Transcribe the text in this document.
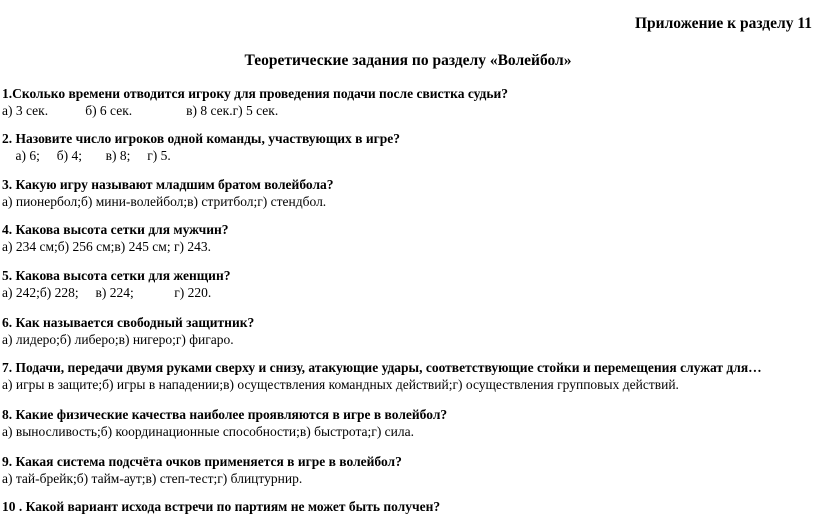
Приложение к разделу 11

Теоретические задания по разделу «Волейбол»

1.Сколько времени отводится игроку для проведения подачи после свистка судьи?
а) 3 сек.           б) 6 сек.                в) 8 сек.г) 5 сек.
2. Назовите число игроков одной команды, участвующих в игре?
а) 6;     б) 4;       в) 8;     г) 5.
3. Какую игру называют младшим братом волейбола?
а) пионербол;б) мини-волейбол;в) стритбол;г) стендбол.
4. Какова высота сетки для мужчин?
а) 234 см;б) 256 см;в) 245 см; г) 243.
5. Какова высота сетки для женщин?
а) 242;б) 228;     в) 224;            г) 220.
6. Как называется свободный защитник?
а) лидеро;б) либеро;в) нигеро;г) фигаро.
7. Подачи, передачи двумя руками сверху и снизу, атакующие удары, соответствующие стойки и перемещения служат для…
а) игры в защите;б) игры в нападении;в) осуществления командных действий;г) осуществления групповых действий.
8. Какие физические качества наиболее проявляются в игре в волейбол?
а) выносливость;б) координационные способности;в) быстрота;г) сила.
9. Какая система подсчёта очков применяется в игре в волейбол?
а) тай-брейк;б) тайм-аут;в) степ-тест;г) блицтурнир.
10 . Какой вариант исхода встречи по партиям не может быть получен?
